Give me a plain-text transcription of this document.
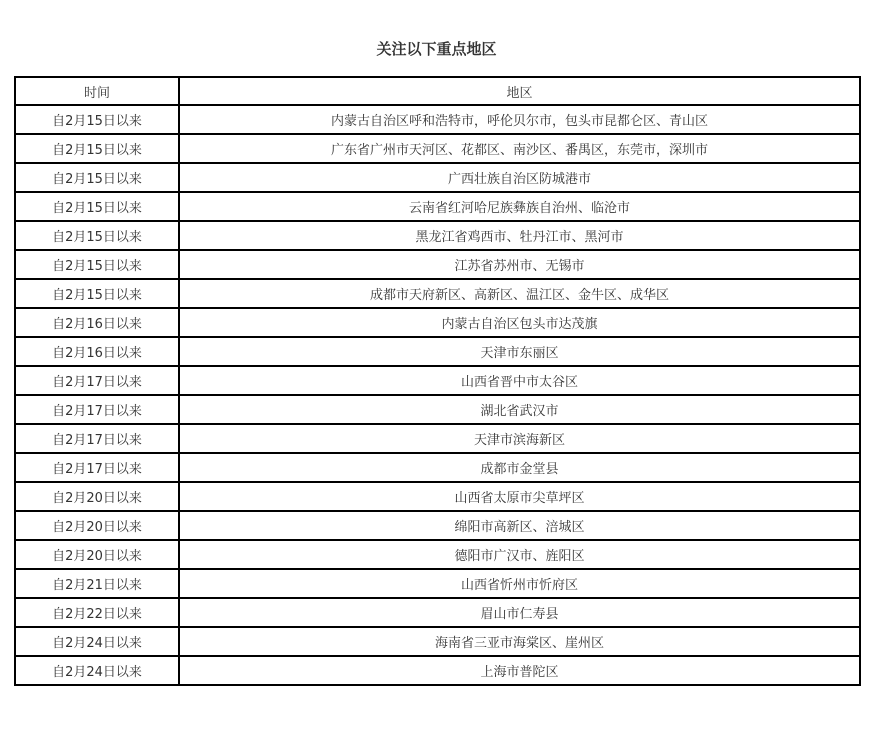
关注以下重点地区
时间	地区
自2月15日以来	内蒙古自治区呼和浩特市，呼伦贝尔市，包头市昆都仑区、青山区
自2月15日以来	广东省广州市天河区、花都区、南沙区、番禺区，东莞市，深圳市
自2月15日以来	广西壮族自治区防城港市
自2月15日以来	云南省红河哈尼族彝族自治州、临沧市
自2月15日以来	黑龙江省鸡西市、牡丹江市、黑河市
自2月15日以来	江苏省苏州市、无锡市
自2月15日以来	成都市天府新区、高新区、温江区、金牛区、成华区
自2月16日以来	内蒙古自治区包头市达茂旗
自2月16日以来	天津市东丽区
自2月17日以来	山西省晋中市太谷区
自2月17日以来	湖北省武汉市
自2月17日以来	天津市滨海新区
自2月17日以来	成都市金堂县
自2月20日以来	山西省太原市尖草坪区
自2月20日以来	绵阳市高新区、涪城区
自2月20日以来	德阳市广汉市、旌阳区
自2月21日以来	山西省忻州市忻府区
自2月22日以来	眉山市仁寿县
自2月24日以来	海南省三亚市海棠区、崖州区
自2月24日以来	上海市普陀区
